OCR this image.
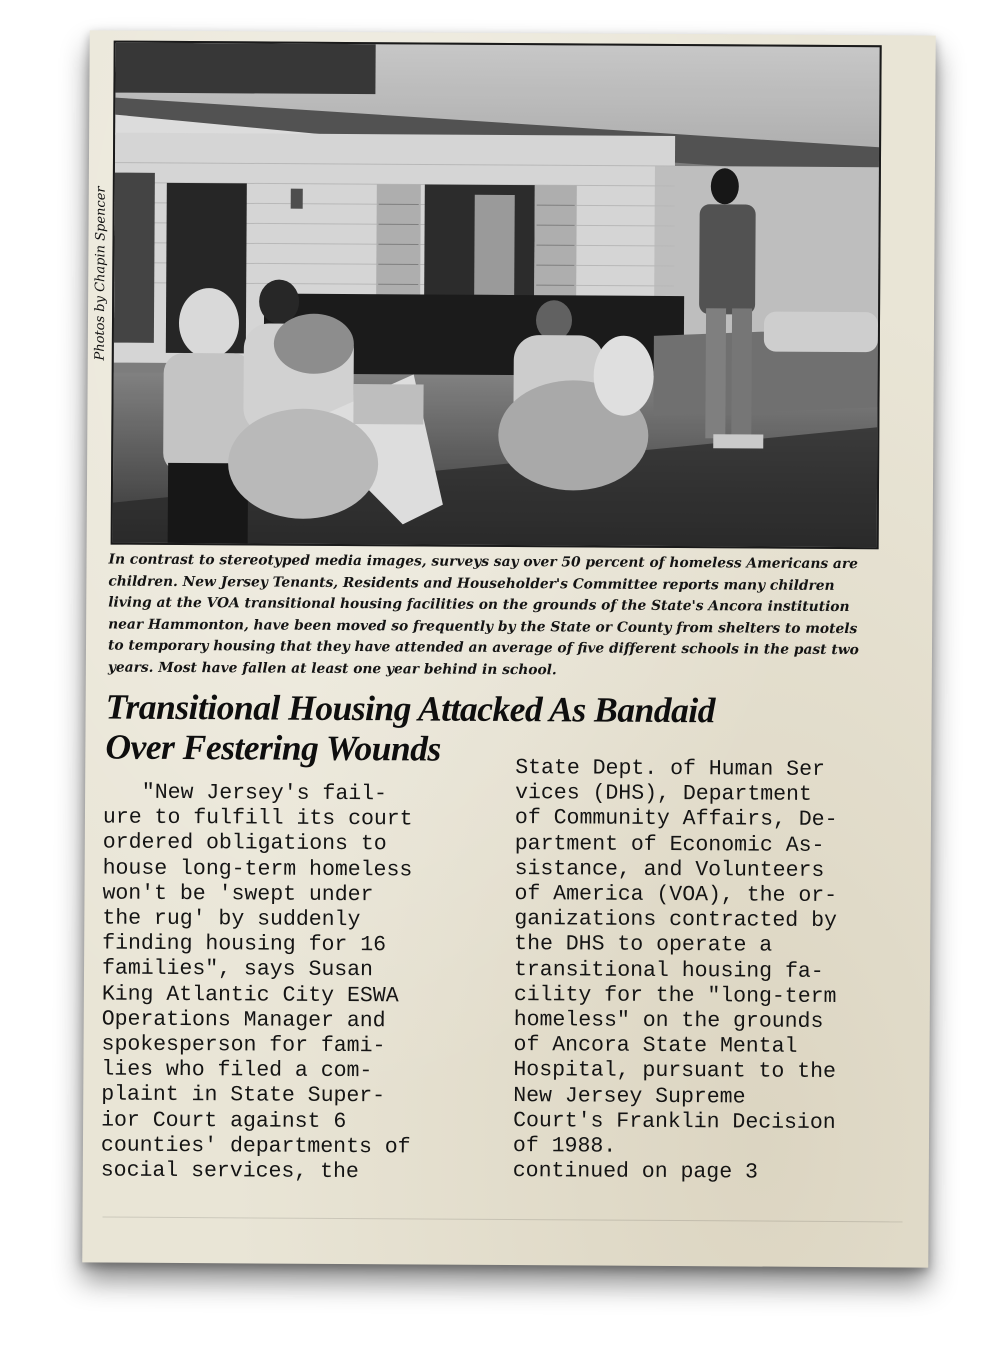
Photos by Chapin Spencer
In contrast to stereotyped media images, surveys say over 50 percent of homeless Americans are
children. New Jersey Tenants, Residents and Householder's Committee reports many children
living at the VOA transitional housing facilities on the grounds of the State's Ancora institution
near Hammonton, have been moved so frequently by the State or County from shelters to motels
to temporary housing that they have attended an average of five different schools in the past two
years. Most have fallen at least one year behind in school.
Transitional Housing Attacked As Bandaid
Over Festering Wounds
"New Jersey's fail-
ure to fulfill its court
ordered obligations to
house long-term homeless
won't be 'swept under
the rug' by suddenly
finding housing for 16
families", says Susan
King Atlantic City ESWA
Operations Manager and
spokesperson for fami-
lies who filed a com-
plaint in State Super-
ior Court against 6
counties' departments of
social services, the
State Dept. of Human Ser
vices (DHS), Department
of Community Affairs, De-
partment of Economic As-
sistance, and Volunteers
of America (VOA), the or-
ganizations contracted by
the DHS to operate a
transitional housing fa-
cility for the "long-term
homeless" on the grounds
of Ancora State Mental
Hospital, pursuant to the
New Jersey Supreme
Court's Franklin Decision
of 1988.
continued on page 3
